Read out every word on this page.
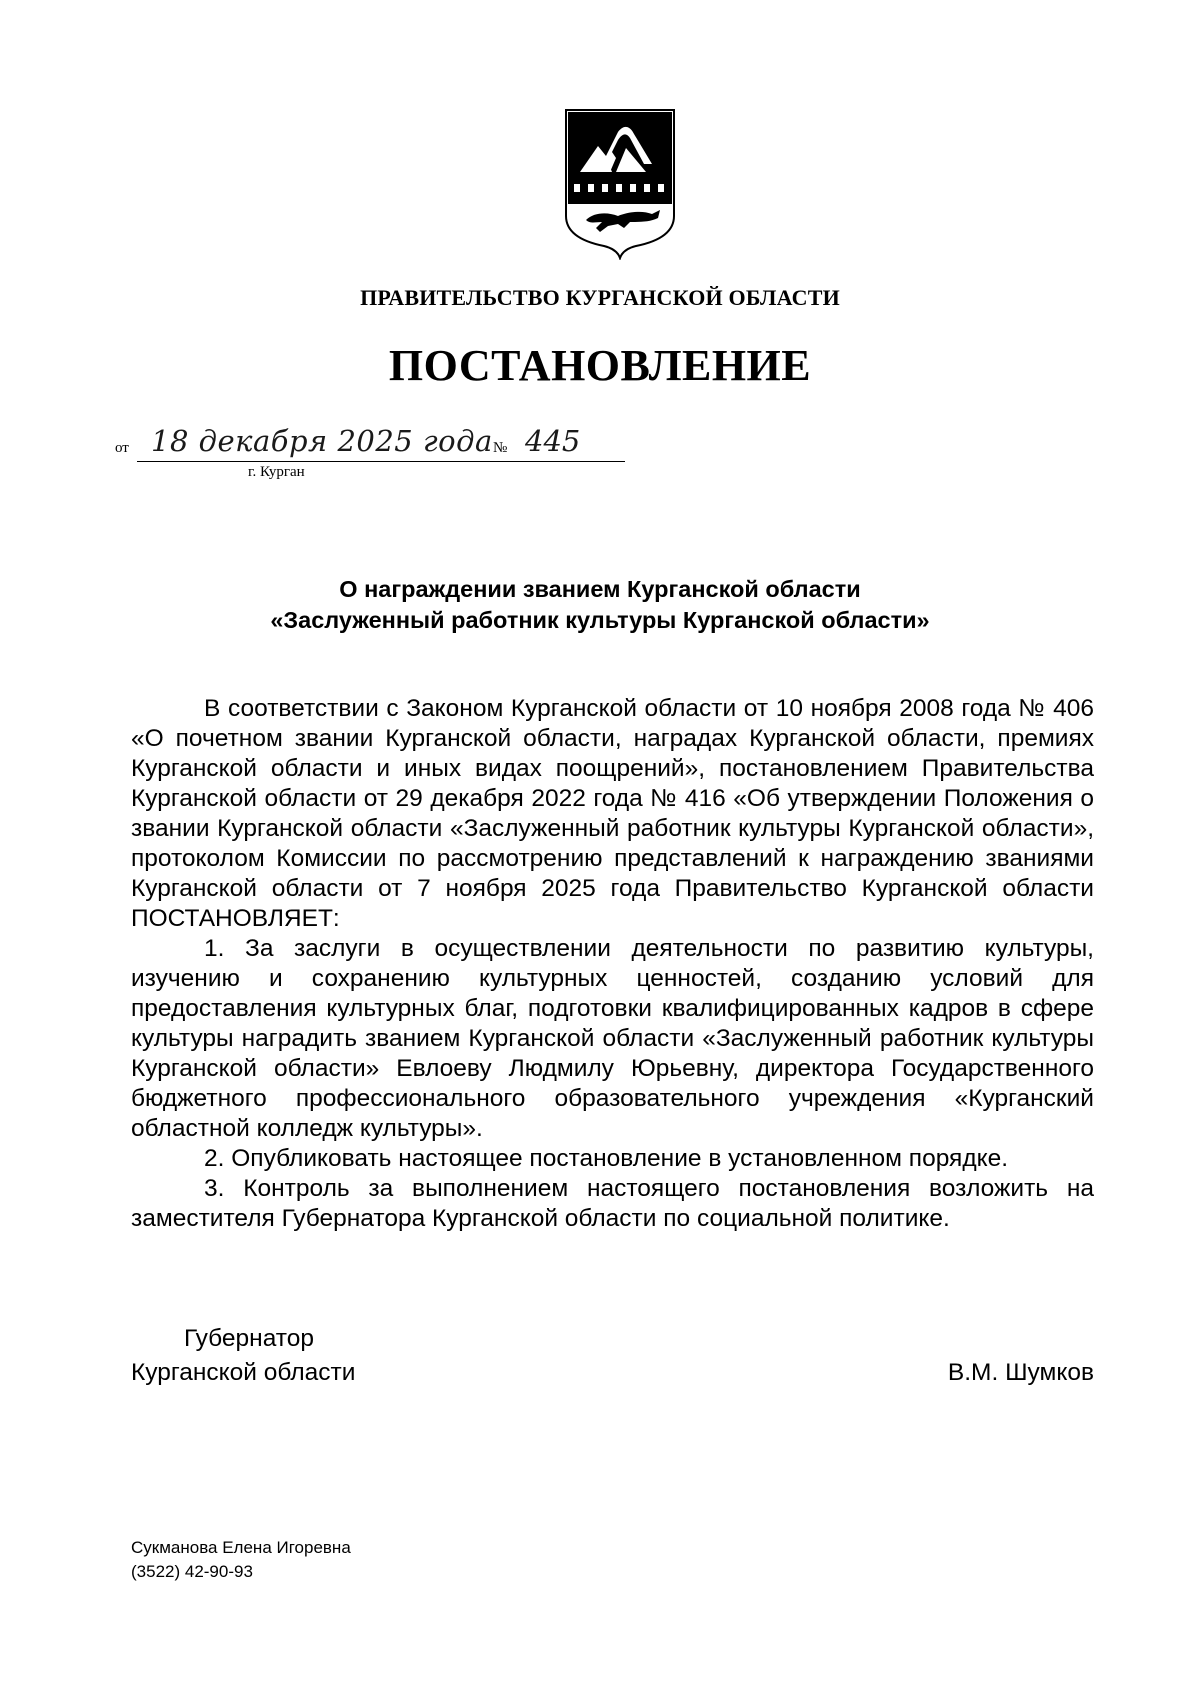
ПРАВИТЕЛЬСТВО КУРГАНСКОЙ ОБЛАСТИ
ПОСТАНОВЛЕНИЕ
от 18 декабря 2025 года № 445
г. Курган
О награждении званием Курганской области
«Заслуженный работник культуры Курганской области»

В соответствии с Законом Курганской области от 10 ноября 2008 года № 406 «О почетном звании Курганской области, наградах Курганской области, премиях Курганской области и иных видах поощрений», постановлением Правительства Курганской области от 29 декабря 2022 года № 416 «Об утверждении Положения о звании Курганской области «Заслуженный работник культуры Курганской области», протоколом Комиссии по рассмотрению представлений к награждению званиями Курганской области от 7 ноября 2025 года Правительство Курганской области ПОСТАНОВЛЯЕТ:

1. За заслуги в осуществлении деятельности по развитию культуры, изучению и сохранению культурных ценностей, созданию условий для предоставления культурных благ, подготовки квалифицированных кадров в сфере культуры наградить званием Курганской области «Заслуженный работник культуры Курганской области» Евлоеву Людмилу Юрьевну, директора Государственного бюджетного профессионального образовательного учреждения «Курганский областной колледж культуры».

2. Опубликовать настоящее постановление в установленном порядке.

3. Контроль за выполнением настоящего постановления возложить на заместителя Губернатора Курганской области по социальной политике.

Губернатор
Курганской области	В.М. Шумков
Сукманова Елена Игоревна
(3522) 42-90-93
